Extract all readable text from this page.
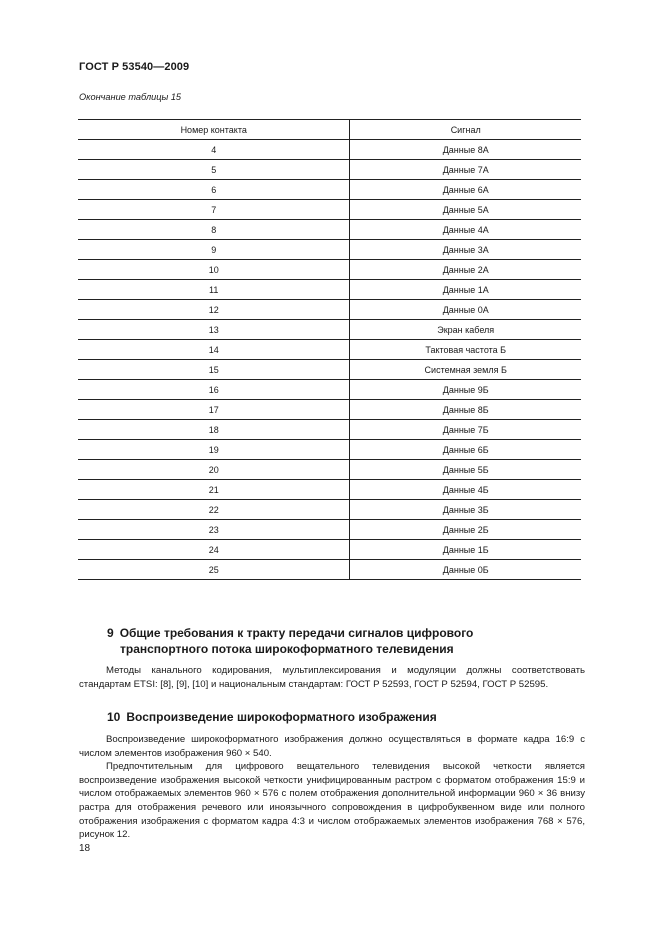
ГОСТ Р 53540—2009
Окончание таблицы 15
Номер контакта	Сигнал
4	Данные 8А
5	Данные 7А
6	Данные 6А
7	Данные 5А
8	Данные 4А
9	Данные 3А
10	Данные 2А
11	Данные 1А
12	Данные 0А
13	Экран кабеля
14	Тактовая частота Б
15	Системная земля Б
16	Данные 9Б
17	Данные 8Б
18	Данные 7Б
19	Данные 6Б
20	Данные 5Б
21	Данные 4Б
22	Данные 3Б
23	Данные 2Б
24	Данные 1Б
25	Данные 0Б
9 Общие требования к тракту передачи сигналов цифрового
транспортного потока широкоформатного телевидения

Методы канального кодирования, мультиплексирования и модуляции должны соответствовать стандартам ETSI: [8], [9], [10] и национальным стандартам: ГОСТ Р 52593, ГОСТ Р 52594, ГОСТ Р 52595.

10 Воспроизведение широкоформатного изображения

Воспроизведение широкоформатного изображения должно осуществляться в формате кадра 16:9 с числом элементов изображения 960 × 540.

Предпочтительным для цифрового вещательного телевидения высокой четкости является воспроизведение изображения высокой четкости унифицированным растром с форматом отображения 15:9 и числом отображаемых элементов 960 × 576 с полем отображения дополнительной информации 960 × 36 внизу растра для отображения речевого или иноязычного сопровождения в цифробуквенном виде или полного отображения изображения с форматом кадра 4:3 и числом отображаемых элементов изображения 768 × 576, рисунок 12.

18
